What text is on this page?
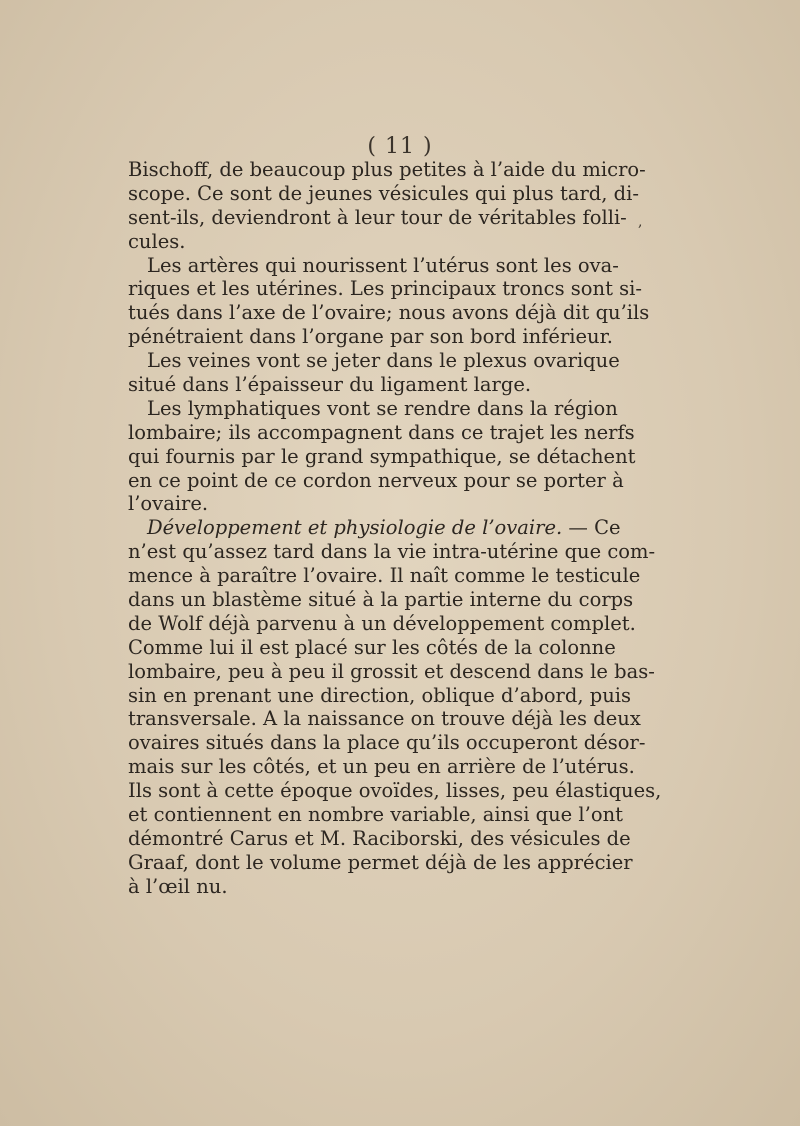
( 11 )
,
Bischoff, de beaucoup plus petites à l’aide du micro-
scope. Ce sont de jeunes vésicules qui plus tard, di-
sent-ils, deviendront à leur tour de véritables folli-
cules.
Les artères qui nourissent l’utérus sont les ova-
riques et les utérines. Les principaux troncs sont si-
tués dans l’axe de l’ovaire; nous avons déjà dit qu’ils
pénétraient dans l’organe par son bord inférieur.
Les veines vont se jeter dans le plexus ovarique
situé dans l’épaisseur du ligament large.
Les lymphatiques vont se rendre dans la région
lombaire; ils accompagnent dans ce trajet les nerfs
qui fournis par le grand sympathique, se détachent
en ce point de ce cordon nerveux pour se porter à
l’ovaire.
Développement et physiologie de l’ovaire. — Ce
n’est qu’assez tard dans la vie intra-utérine que com-
mence à paraître l’ovaire. Il naît comme le testicule
dans un blastème situé à la partie interne du corps
de Wolf déjà parvenu à un développement complet.
Comme lui il est placé sur les côtés de la colonne
lombaire, peu à peu il grossit et descend dans le bas-
sin en prenant une direction, oblique d’abord, puis
transversale. A la naissance on trouve déjà les deux
ovaires situés dans la place qu’ils occuperont désor-
mais sur les côtés, et un peu en arrière de l’utérus.
Ils sont à cette époque ovoïdes, lisses, peu élastiques,
et contiennent en nombre variable, ainsi que l’ont
démontré Carus et M. Raciborski, des vésicules de
Graaf, dont le volume permet déjà de les apprécier
à l’œil nu.
